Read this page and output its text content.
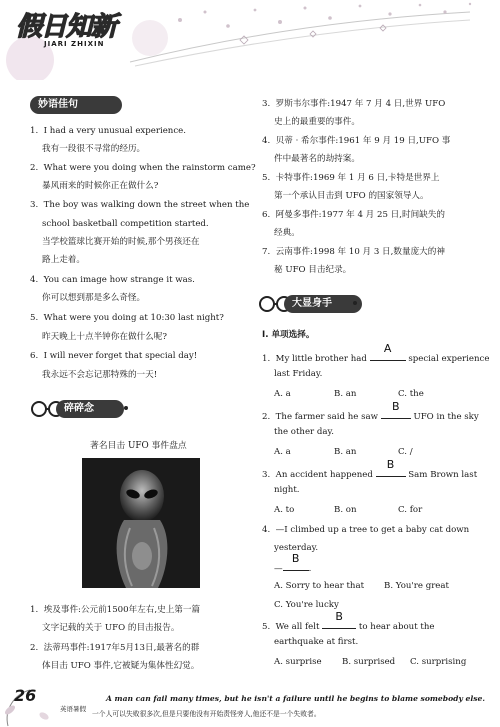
假日知新
JIARI ZHIXIN
妙语佳句
1. I had a very unusual experience.
我有一段很不寻常的经历。
2. What were you doing when the rainstorm came?
暴风雨来的时候你正在做什么?
3. The boy was walking down the street when the
school basketball competition started.
当学校篮球比赛开始的时候,那个男孩还在
路上走着。
4. You can image how strange it was.
你可以想到那是多么奇怪。
5. What were you doing at 10:30 last night?
昨天晚上十点半钟你在做什么呢?
6. I will never forget that special day!
我永远不会忘记那特殊的一天!
碎碎念
著名目击 UFO 事件盘点
1. 埃及事件:公元前1500年左右,史上第一篇
文字记载的关于 UFO 的目击报告。
2. 法蒂玛事件:1917年5月13日,最著名的群
体目击 UFO 事件,它被疑为集体性幻觉。
3. 罗斯韦尔事件:1947 年 7 月 4 日,世界 UFO
史上的最重要的事件。
4. 贝蒂 · 希尔事件:1961 年 9 月 19 日,UFO 事
件中最著名的劫持案。
5. 卡特事件:1969 年 1 月 6 日,卡特是世界上
第一个承认目击到 UFO 的国家领导人。
6. 阿曼多事件:1977 年 4 月 25 日,时间缺失的
经典。
7. 云南事件:1998 年 10 月 3 日,数量庞大的神
秘 UFO 目击纪录。
大显身手
Ⅰ. 单项选择。
1. My little brother had
A
special experience
last Friday.
A. a	B. an	C. the
2. The farmer said he saw
B
UFO in the sky
the other day.
A. a	B. an	C. /
3. An accident happened
B
Sam Brown last
night.
A. to	B. on	C. for
4. —I climbed up a tree to get a baby cat down
yesterday.
—
B
.
A. Sorry to hear that B. You're great
C. You're lucky
5. We all felt
B
to hear about the
earthquake at first.
A. surprise B. surprised C. surprising
26
英语暑假
A man can fail many times, but he isn't a failure until he begins to blame somebody else.
一个人可以失败很多次,但是只要他没有开始责怪旁人,他还不是一个失败者。
